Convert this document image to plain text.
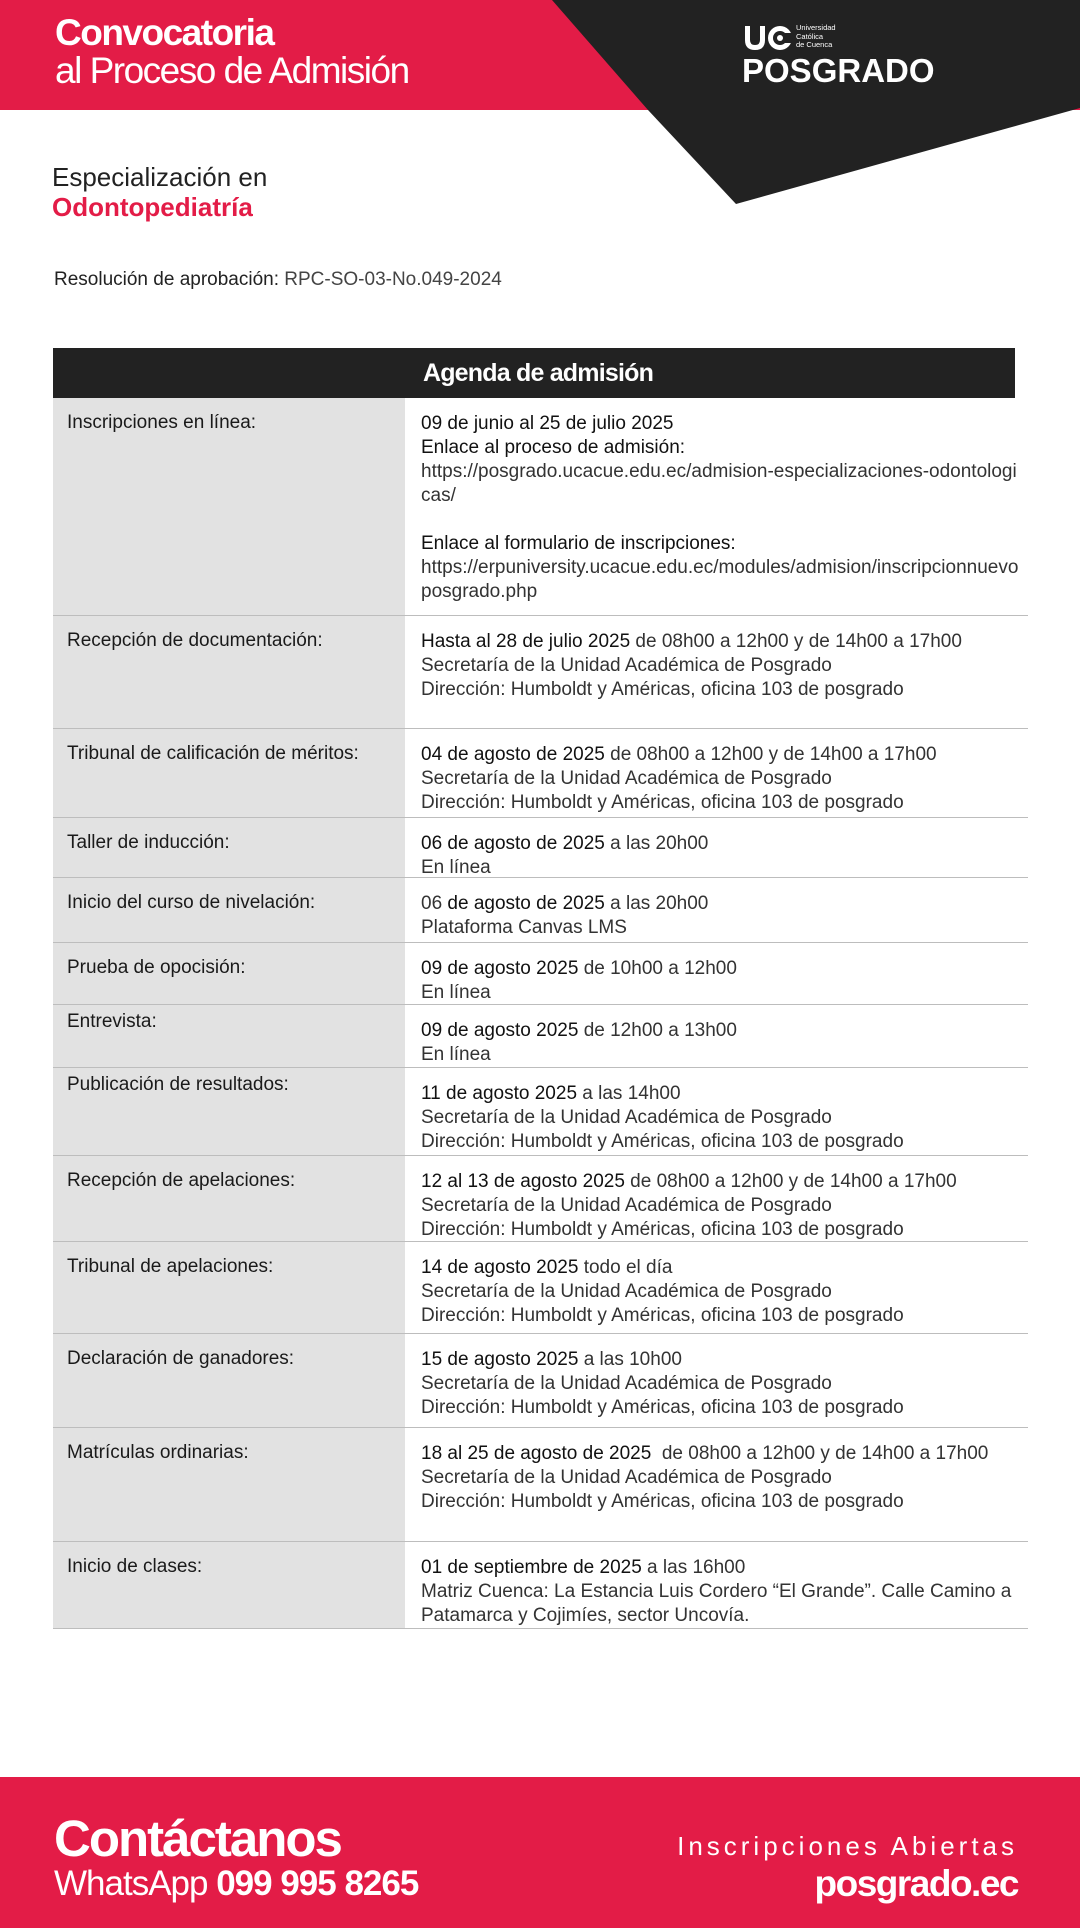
Convocatoria
al Proceso de Admisión
Universidad
Católica
de Cuenca
POSGRADO
Especialización en
Odontopediatría
Resolución de aprobación: RPC-SO-03-No.049-2024
Agenda de admisión
Inscripciones en línea:	09 de junio al 25 de julio 2025
Enlace al proceso de admisión:
https://posgrado.ucacue.edu.ec/admision-especializaciones-odontologicas/
Enlace al formulario de inscripciones:
https://erpuniversity.ucacue.edu.ec/modules/admision/inscripcionnuevoposgrado.php
Recepción de documentación:	Hasta al 28 de julio 2025 de 08h00 a 12h00 y de 14h00 a 17h00
Secretaría de la Unidad Académica de Posgrado
Dirección: Humboldt y Américas, oficina 103 de posgrado
Tribunal de calificación de méritos:	04 de agosto de 2025 de 08h00 a 12h00 y de 14h00 a 17h00
Secretaría de la Unidad Académica de Posgrado
Dirección: Humboldt y Américas, oficina 103 de posgrado
Taller de inducción:	06 de agosto de 2025 a las 20h00
En línea
Inicio del curso de nivelación:	06 de agosto de 2025 a las 20h00
Plataforma Canvas LMS
Prueba de opocisión:	09 de agosto 2025 de 10h00 a 12h00
En línea
Entrevista:	09 de agosto 2025 de 12h00 a 13h00
En línea
Publicación de resultados:	11 de agosto 2025 a las 14h00
Secretaría de la Unidad Académica de Posgrado
Dirección: Humboldt y Américas, oficina 103 de posgrado
Recepción de apelaciones:	12 al 13 de agosto 2025 de 08h00 a 12h00 y de 14h00 a 17h00
Secretaría de la Unidad Académica de Posgrado
Dirección: Humboldt y Américas, oficina 103 de posgrado
Tribunal de apelaciones:	14 de agosto 2025 todo el día
Secretaría de la Unidad Académica de Posgrado
Dirección: Humboldt y Américas, oficina 103 de posgrado
Declaración de ganadores:	15 de agosto 2025 a las 10h00
Secretaría de la Unidad Académica de Posgrado
Dirección: Humboldt y Américas, oficina 103 de posgrado
Matrículas ordinarias:	18 al 25 de agosto de 2025  de 08h00 a 12h00 y de 14h00 a 17h00
Secretaría de la Unidad Académica de Posgrado
Dirección: Humboldt y Américas, oficina 103 de posgrado
Inicio de clases:	01 de septiembre de 2025 a las 16h00
Matriz Cuenca: La Estancia Luis Cordero “El Grande”. Calle Camino a
Patamarca y Cojimíes, sector Uncovía.
Contáctanos
WhatsApp 099 995 8265
Inscripciones Abiertas
posgrado.ec
